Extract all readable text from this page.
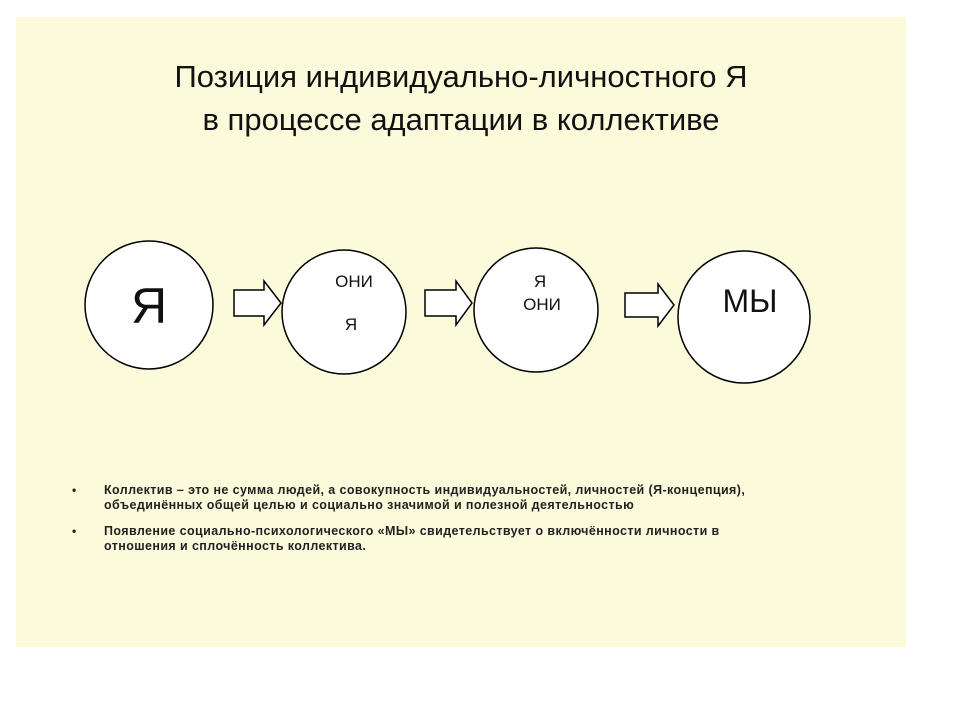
Позиция индивидуально-личностного Я
в процессе адаптации в коллективе
Я	ОНИ
Я
Я
ОНИ	МЫ
• Коллектив – это не сумма людей, а совокупность индивидуальностей, личностей (Я-концепция), объединённых общей целью и социально значимой и полезной деятельностью
• Появление социально-психологического «МЫ» свидетельствует о включённости личности в отношения и сплочённость коллектива.
